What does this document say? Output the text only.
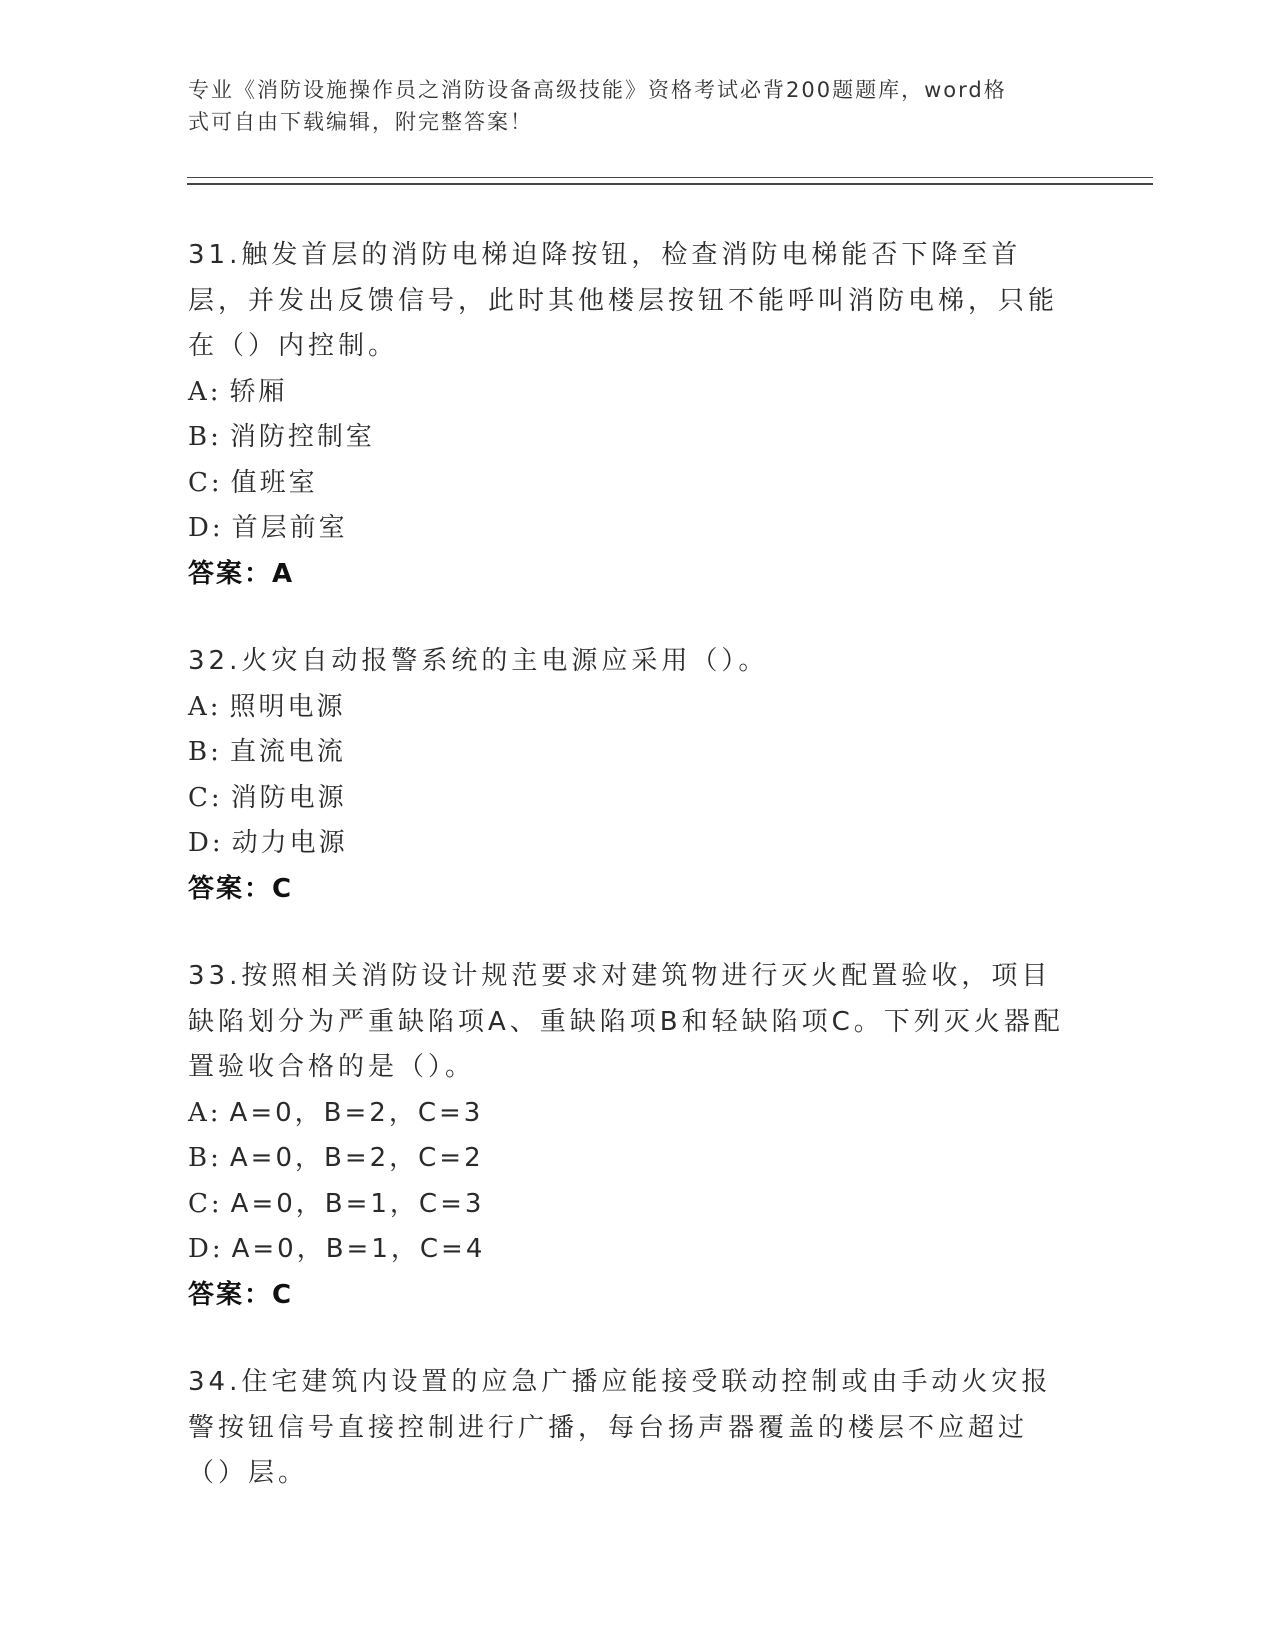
专业《消防设施操作员之消防设备高级技能》资格考试必背200题题库，word格
式可自由下载编辑，附完整答案！
31.触发首层的消防电梯迫降按钮，检查消防电梯能否下降至首层，并发出反馈信号，此时其他楼层按钮不能呼叫消防电梯，只能在（）内控制。
A: 轿厢
B: 消防控制室
C: 值班室
D: 首层前室
答案：A
32.火灾自动报警系统的主电源应采用（）。
A: 照明电源
B: 直流电流
C: 消防电源
D: 动力电源
答案：C
33.按照相关消防设计规范要求对建筑物进行灭火配置验收，项目缺陷划分为严重缺陷项A、重缺陷项B和轻缺陷项C。下列灭火器配置验收合格的是（）。
A: A=0，B=2，C=3
B: A=0，B=2，C=2
C: A=0，B=1，C=3
D: A=0，B=1，C=4
答案：C
34.住宅建筑内设置的应急广播应能接受联动控制或由手动火灾报警按钮信号直接控制进行广播，每台扬声器覆盖的楼层不应超过（）层。
